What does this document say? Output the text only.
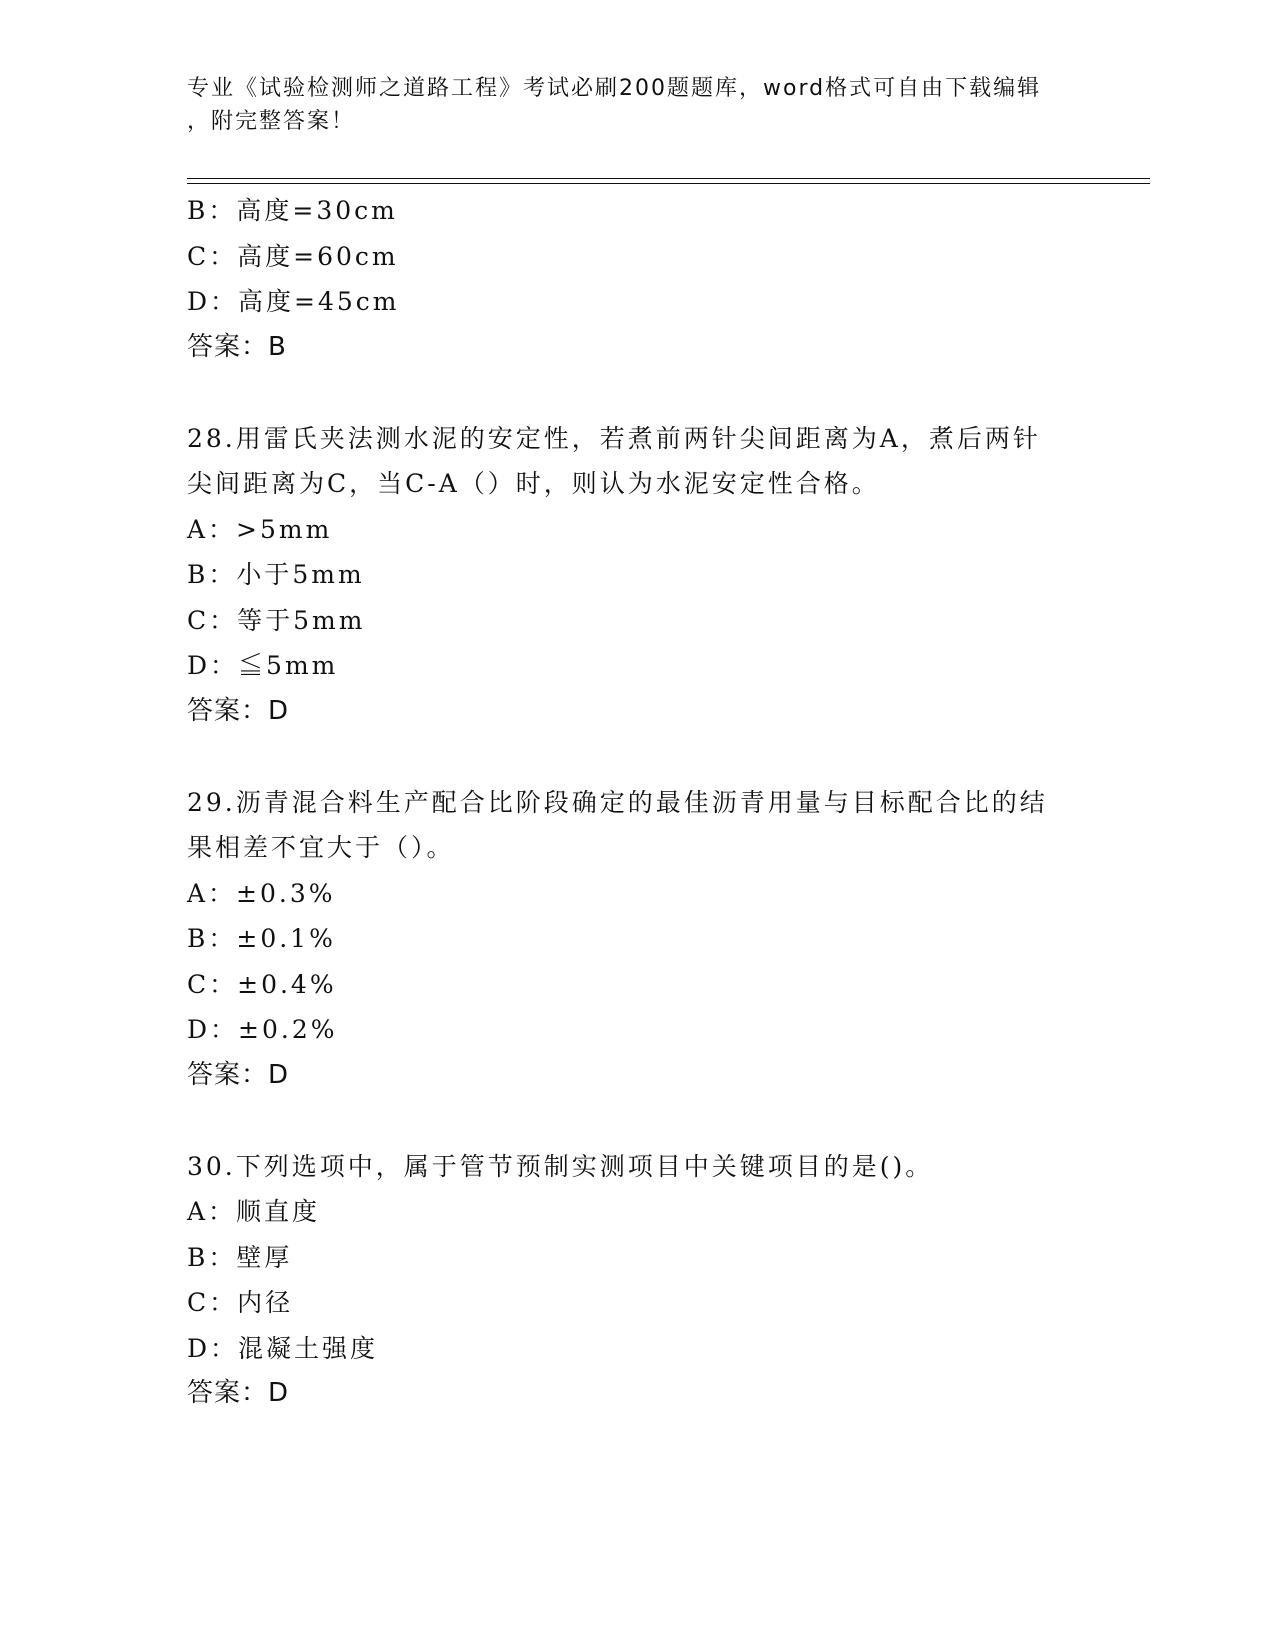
专业《试验检测师之道路工程》考试必刷200题题库，word格式可自由下载编辑
，附完整答案！
B：高度=30cm
C：高度=60cm
D：高度=45cm
答案：B
28.用雷氏夹法测水泥的安定性，若煮前两针尖间距离为A，煮后两针
尖间距离为C，当C-A（）时，则认为水泥安定性合格。
A：>5mm
B：小于5mm
C：等于5mm
D：≦5mm
答案：D
29.沥青混合料生产配合比阶段确定的最佳沥青用量与目标配合比的结
果相差不宜大于（）。
A：±0.3%
B：±0.1%
C：±0.4%
D：±0.2%
答案：D
30.下列选项中，属于管节预制实测项目中关键项目的是()。
A：顺直度
B：壁厚
C：内径
D：混凝土强度
答案：D
